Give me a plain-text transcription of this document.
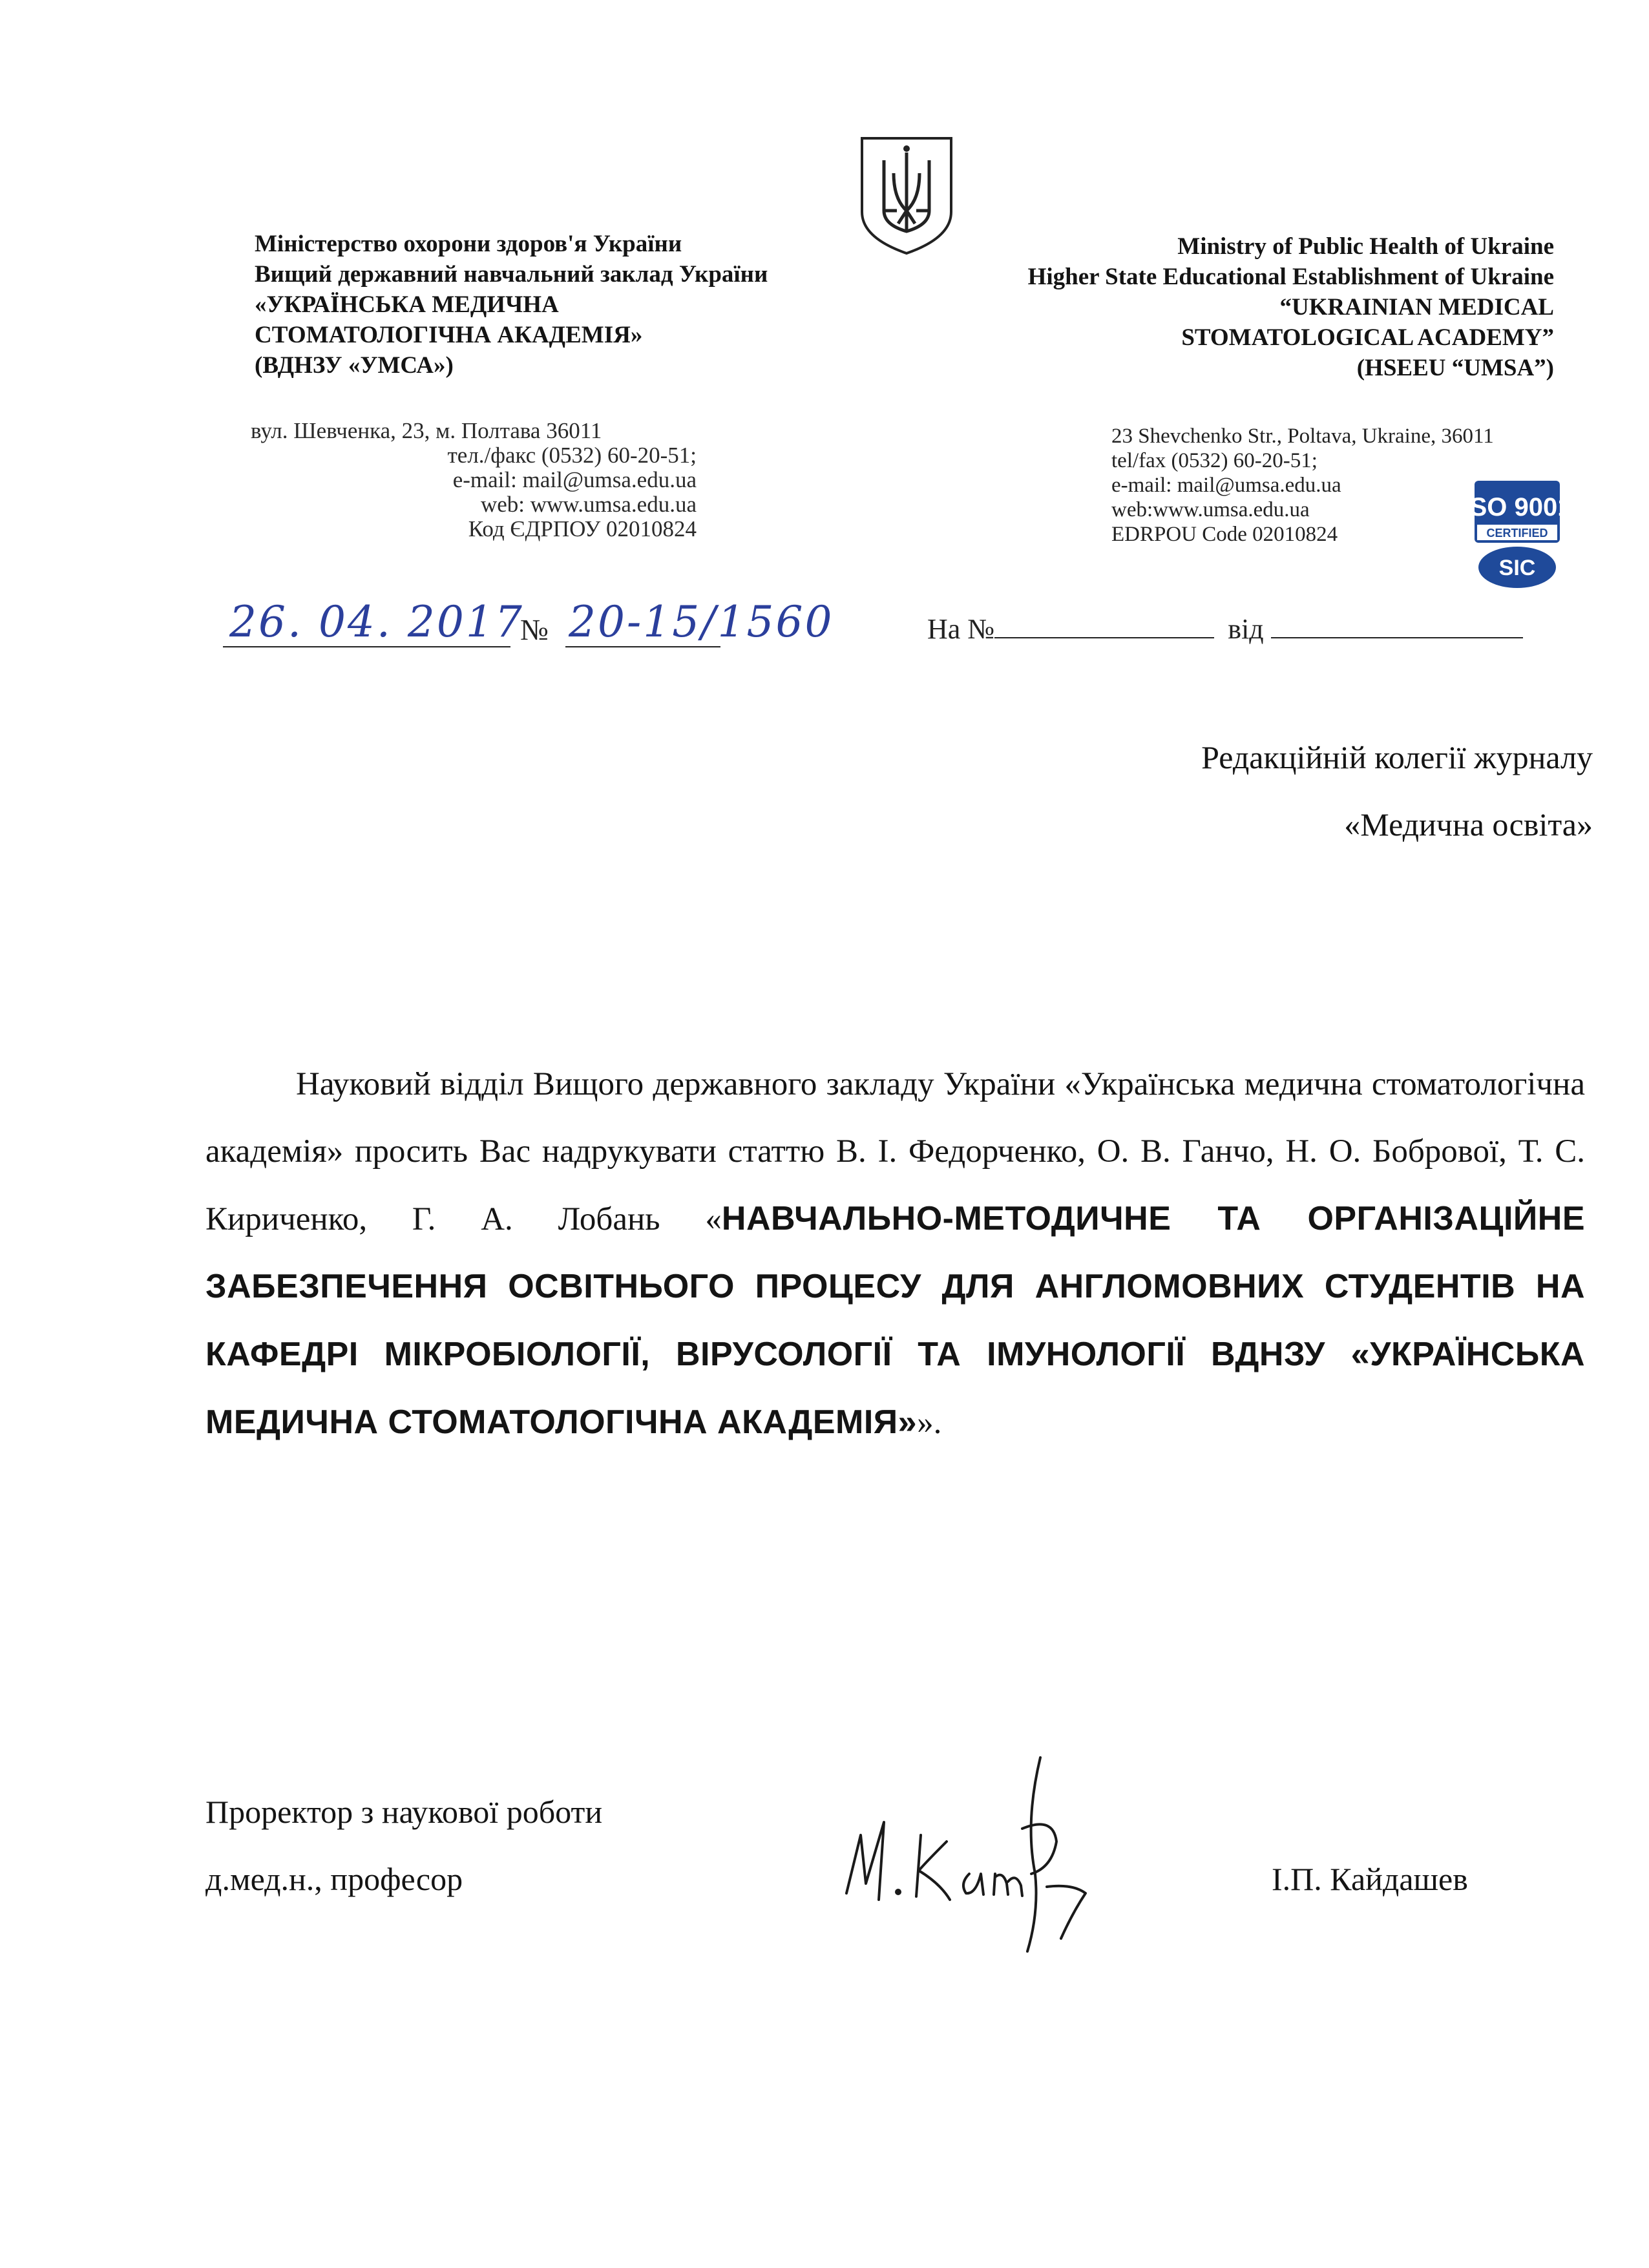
Міністерство охорони здоров'я України
Вищий державний навчальний заклад України
«УКРАЇНСЬКА МЕДИЧНА
СТОМАТОЛОГІЧНА АКАДЕМІЯ»
(ВДНЗУ «УМСА»)
Ministry of Public Health of Ukraine
Higher State Educational Establishment of Ukraine
“UKRAINIAN MEDICAL
STOMATOLOGICAL ACADEMY”
(HSEEU “UMSA”)
вул. Шевченка, 23, м. Полтава 36011
тел./факс (0532) 60-20-51;
e-mail: mail@umsa.edu.ua
web: www.umsa.edu.ua
Код ЄДРПОУ 02010824
23 Shevchenko Str., Poltava, Ukraine, 36011
tel/fax (0532) 60-20-51;
e-mail: mail@umsa.edu.ua
web:www.umsa.edu.ua
EDRPOU Code 02010824
ISO 9001
CERTIFIED
SIC
26. 04. 2017
№ 20-15/1560	На №	від
Редакційній колегії журналу
«Медична освіта»
Науковий відділ Вищого державного закладу України «Українська медична стоматологічна академія» просить Вас надрукувати статтю В. І. Федорченко, О. В. Ганчо, Н. О. Бобрової, Т. С. Кириченко, Г. А. Лобань «НАВЧАЛЬНО-МЕТОДИЧНЕ ТА ОРГАНІЗАЦІЙНЕ ЗАБЕЗПЕЧЕННЯ ОСВІТНЬОГО ПРОЦЕСУ ДЛЯ АНГЛОМОВНИХ СТУДЕНТІВ НА КАФЕДРІ МІКРОБІОЛОГІЇ, ВІРУСОЛОГІЇ ТА ІМУНОЛОГІЇ ВДНЗУ «УКРАЇНСЬКА МЕДИЧНА СТОМАТОЛОГІЧНА АКАДЕМІЯ»».
Проректор з наукової роботи
д.мед.н., професор	І.П. Кайдашев
